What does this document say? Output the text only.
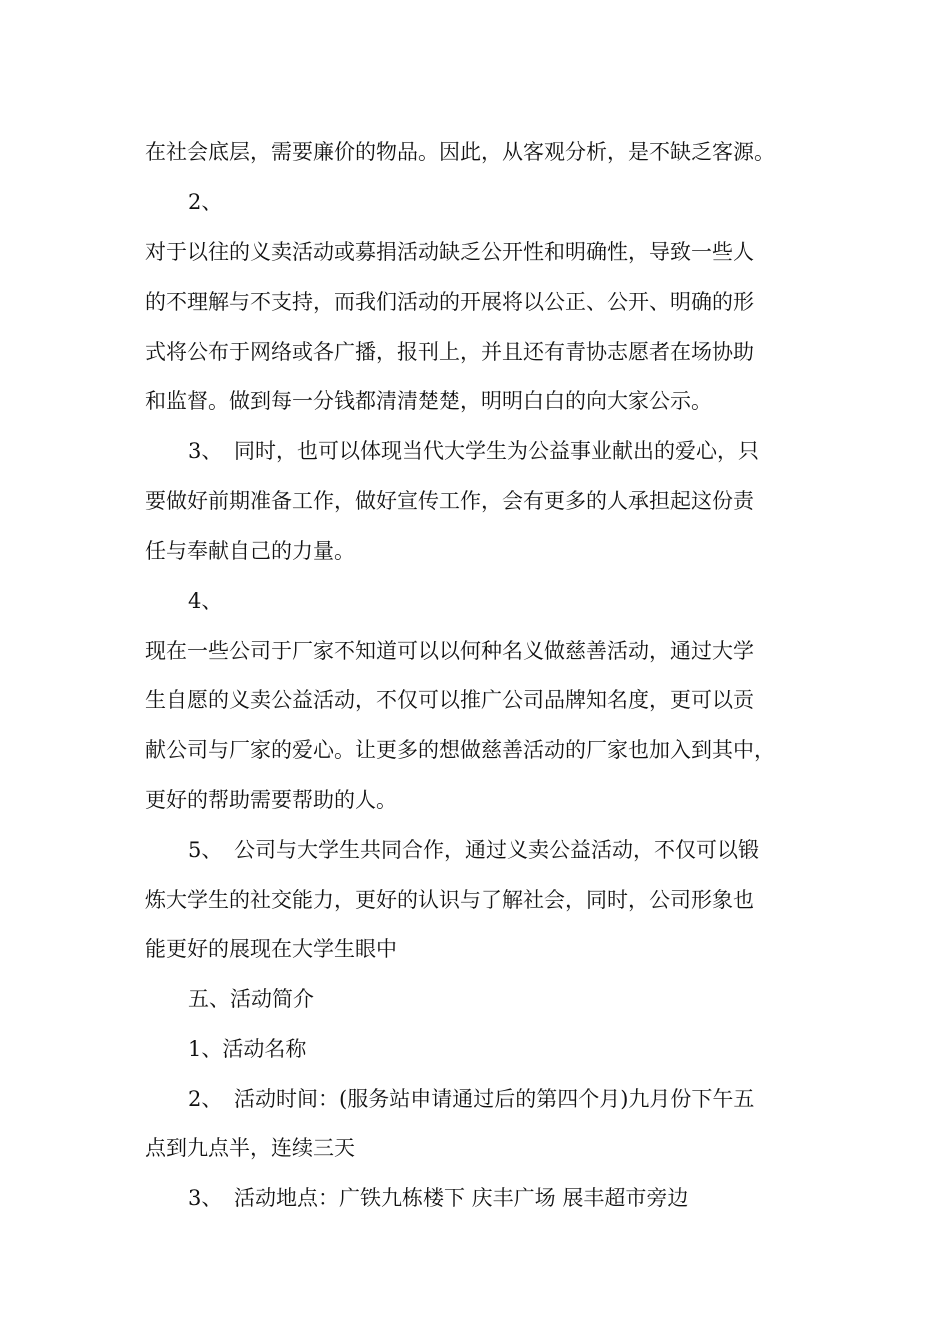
在社会底层，需要廉价的物品。因此，从客观分析，是不缺乏客源。
2、
对于以往的义卖活动或募捐活动缺乏公开性和明确性，导致一些人
的不理解与不支持，而我们活动的开展将以公正、公开、明确的形
式将公布于网络或各广播，报刊上，并且还有青协志愿者在场协助
和监督。做到每一分钱都清清楚楚，明明白白的向大家公示。
3、 同时，也可以体现当代大学生为公益事业献出的爱心，只
要做好前期准备工作，做好宣传工作，会有更多的人承担起这份责
任与奉献自己的力量。
4、
现在一些公司于厂家不知道可以以何种名义做慈善活动，通过大学
生自愿的义卖公益活动，不仅可以推广公司品牌知名度，更可以贡
献公司与厂家的爱心。让更多的想做慈善活动的厂家也加入到其中，
更好的帮助需要帮助的人。
5、 公司与大学生共同合作，通过义卖公益活动，不仅可以锻
炼大学生的社交能力，更好的认识与了解社会，同时，公司形象也
能更好的展现在大学生眼中
五、活动简介
1、活动名称
2、 活动时间：(服务站申请通过后的第四个月)九月份下午五
点到九点半，连续三天
3、 活动地点：广铁九栋楼下 庆丰广场 展丰超市旁边
